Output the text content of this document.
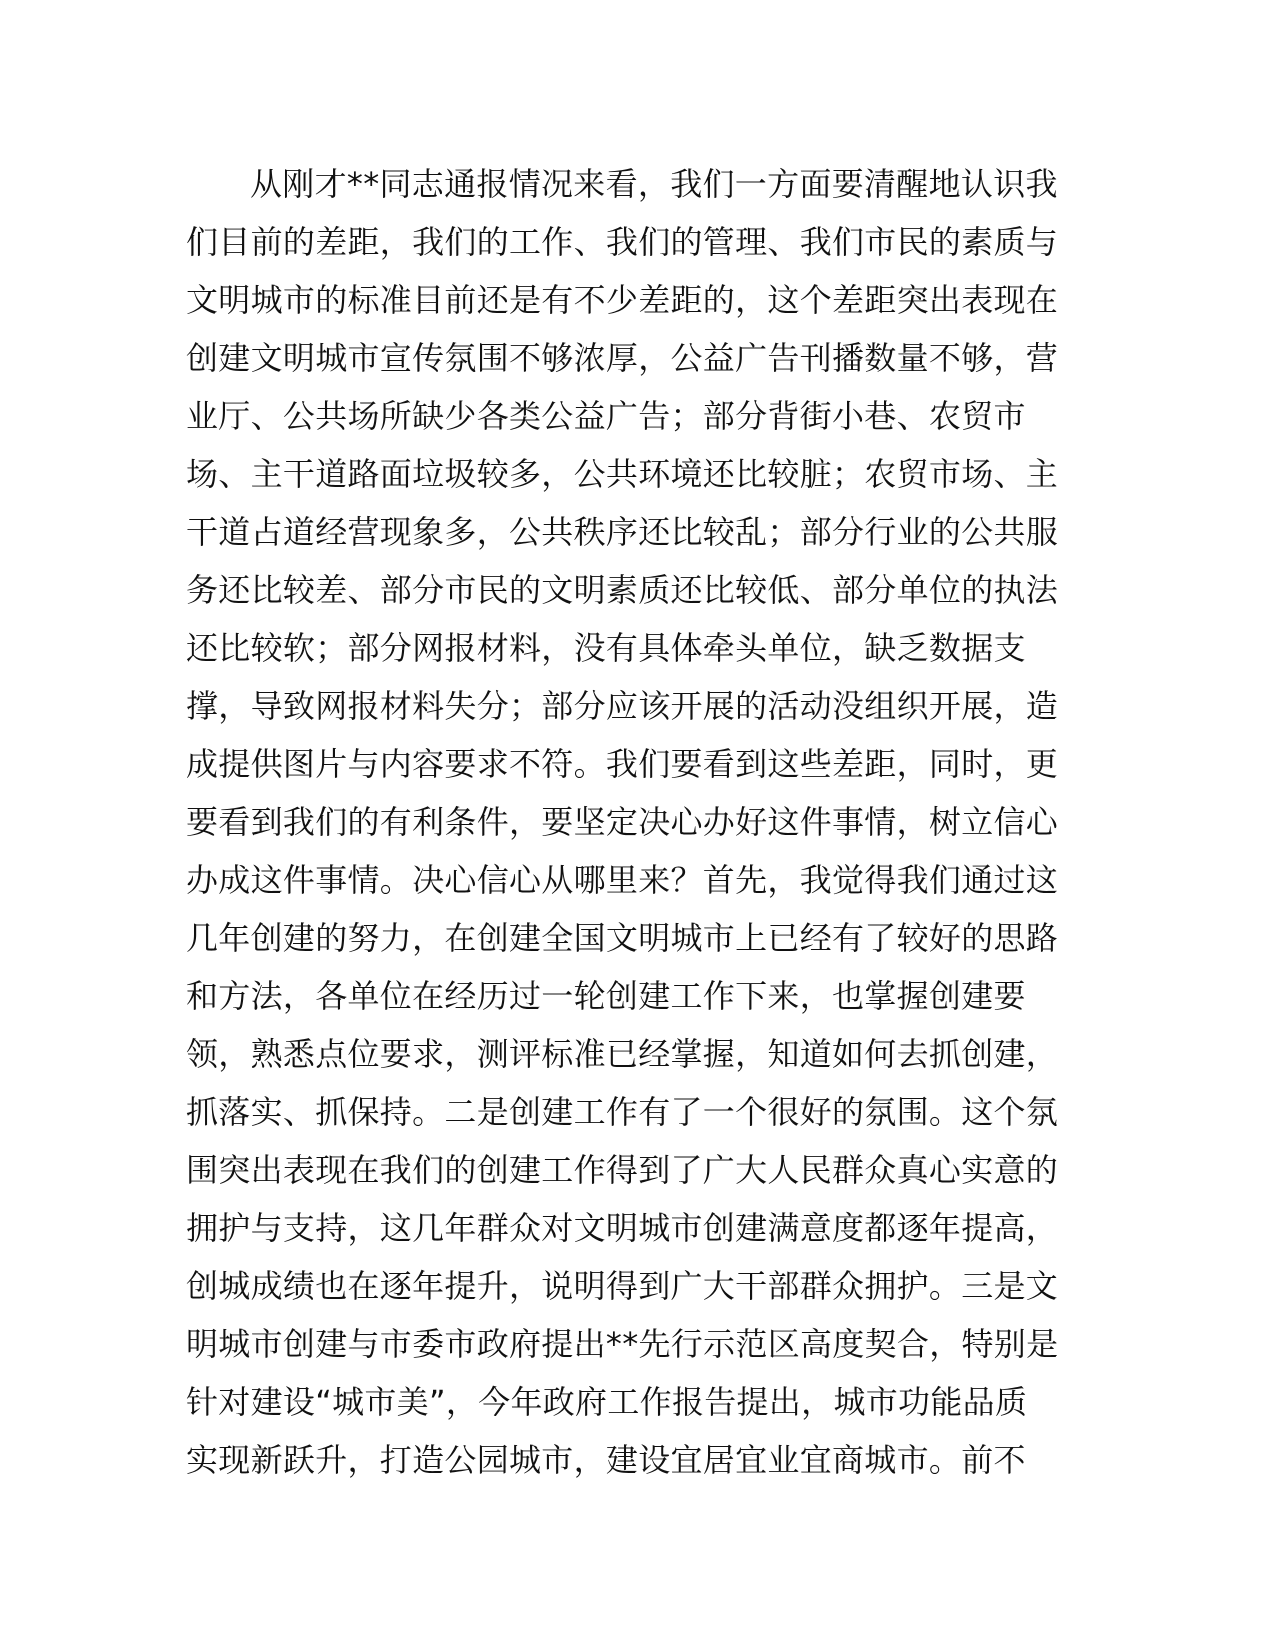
从刚才**同志通报情况来看，我们一方面要清醒地认识我
们目前的差距，我们的工作、我们的管理、我们市民的素质与
文明城市的标准目前还是有不少差距的，这个差距突出表现在
创建文明城市宣传氛围不够浓厚，公益广告刊播数量不够，营
业厅、公共场所缺少各类公益广告；部分背街小巷、农贸市
场、主干道路面垃圾较多，公共环境还比较脏；农贸市场、主
干道占道经营现象多，公共秩序还比较乱；部分行业的公共服
务还比较差、部分市民的文明素质还比较低、部分单位的执法
还比较软；部分网报材料，没有具体牵头单位，缺乏数据支
撑，导致网报材料失分；部分应该开展的活动没组织开展，造
成提供图片与内容要求不符。我们要看到这些差距，同时，更
要看到我们的有利条件，要坚定决心办好这件事情，树立信心
办成这件事情。决心信心从哪里来？首先，我觉得我们通过这
几年创建的努力，在创建全国文明城市上已经有了较好的思路
和方法，各单位在经历过一轮创建工作下来，也掌握创建要
领，熟悉点位要求，测评标准已经掌握，知道如何去抓创建，
抓落实、抓保持。二是创建工作有了一个很好的氛围。这个氛
围突出表现在我们的创建工作得到了广大人民群众真心实意的
拥护与支持，这几年群众对文明城市创建满意度都逐年提高，
创城成绩也在逐年提升，说明得到广大干部群众拥护。三是文
明城市创建与市委市政府提出**先行示范区高度契合，特别是
针对建设“城市美”，今年政府工作报告提出，城市功能品质
实现新跃升，打造公园城市，建设宜居宜业宜商城市。前不
